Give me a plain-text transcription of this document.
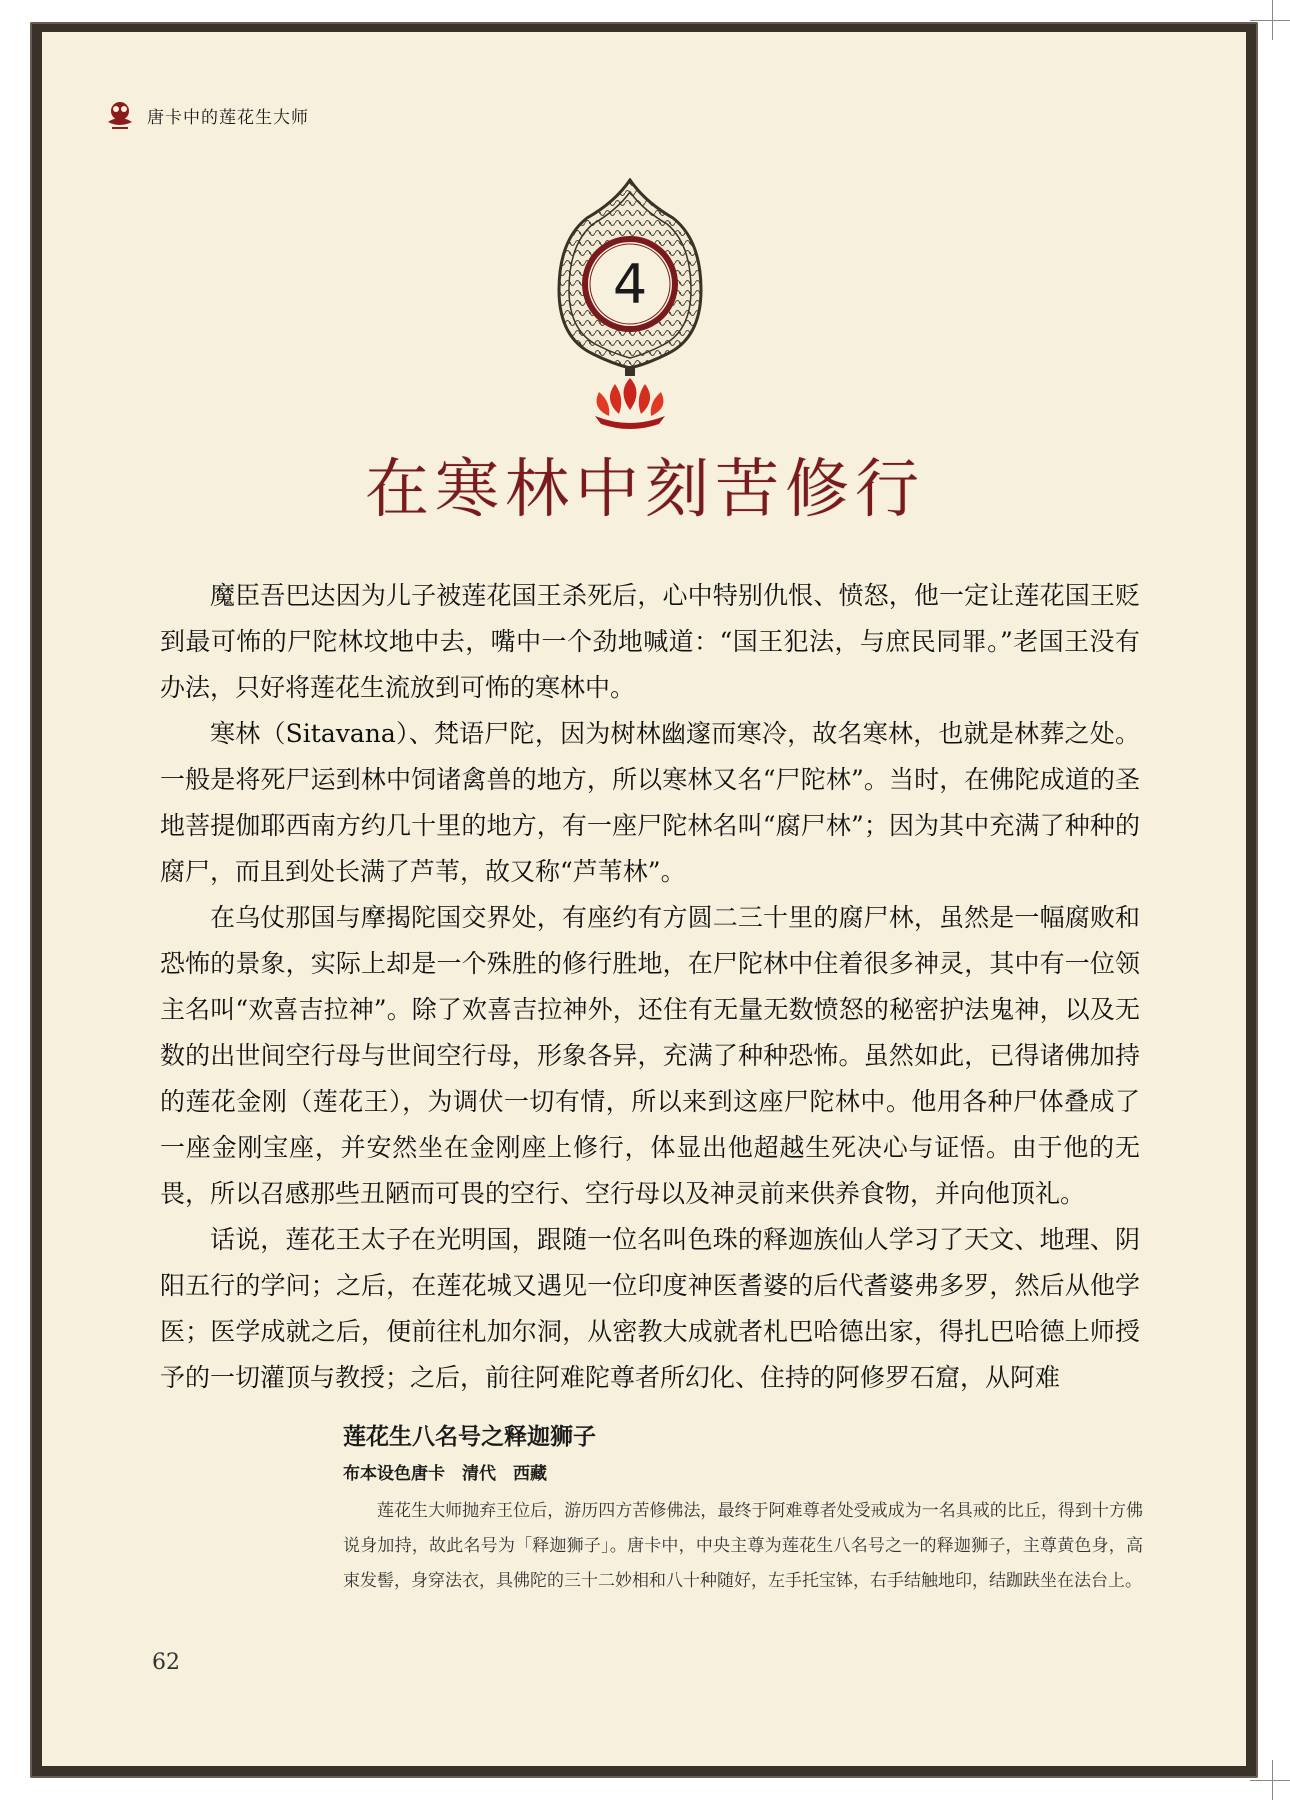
唐卡中的莲花生大师
4
在寒林中刻苦修行

魔臣吾巴达因为儿子被莲花国王杀死后，心中特别仇恨、愤怒，他一定让莲花国王贬到最可怖的尸陀林坟地中去，嘴中一个劲地喊道：“国王犯法，与庶民同罪。”老国王没有办法，只好将莲花生流放到可怖的寒林中。

寒林（Sitavana）、梵语尸陀，因为树林幽邃而寒冷，故名寒林，也就是林葬之处。一般是将死尸运到林中饲诸禽兽的地方，所以寒林又名“尸陀林”。当时，在佛陀成道的圣地菩提伽耶西南方约几十里的地方，有一座尸陀林名叫“腐尸林”；因为其中充满了种种的腐尸，而且到处长满了芦苇，故又称“芦苇林”。

在乌仗那国与摩揭陀国交界处，有座约有方圆二三十里的腐尸林，虽然是一幅腐败和恐怖的景象，实际上却是一个殊胜的修行胜地，在尸陀林中住着很多神灵，其中有一位领主名叫“欢喜吉拉神”。除了欢喜吉拉神外，还住有无量无数愤怒的秘密护法鬼神，以及无数的出世间空行母与世间空行母，形象各异，充满了种种恐怖。虽然如此，已得诸佛加持的莲花金刚（莲花王），为调伏一切有情，所以来到这座尸陀林中。他用各种尸体叠成了一座金刚宝座，并安然坐在金刚座上修行，体显出他超越生死决心与证悟。由于他的无畏，所以召感那些丑陋而可畏的空行、空行母以及神灵前来供养食物，并向他顶礼。

话说，莲花王太子在光明国，跟随一位名叫色珠的释迦族仙人学习了天文、地理、阴阳五行的学问；之后，在莲花城又遇见一位印度神医耆婆的后代耆婆弗多罗，然后从他学医；医学成就之后，便前往札加尔洞，从密教大成就者札巴哈德出家，得扎巴哈德上师授予的一切灌顶与教授；之后，前往阿难陀尊者所幻化、住持的阿修罗石窟，从阿难

莲花生八名号之释迦狮子
布本设色唐卡　清代　西藏
莲花生大师抛弃王位后，游历四方苦修佛法，最终于阿难尊者处受戒成为一名具戒的比丘，得到十方佛说身加持，故此名号为「释迦狮子」。唐卡中，中央主尊为莲花生八名号之一的释迦狮子，主尊黄色身，高束发髻，身穿法衣，具佛陀的三十二妙相和八十种随好，左手托宝钵，右手结触地印，结跏趺坐在法台上。
62
